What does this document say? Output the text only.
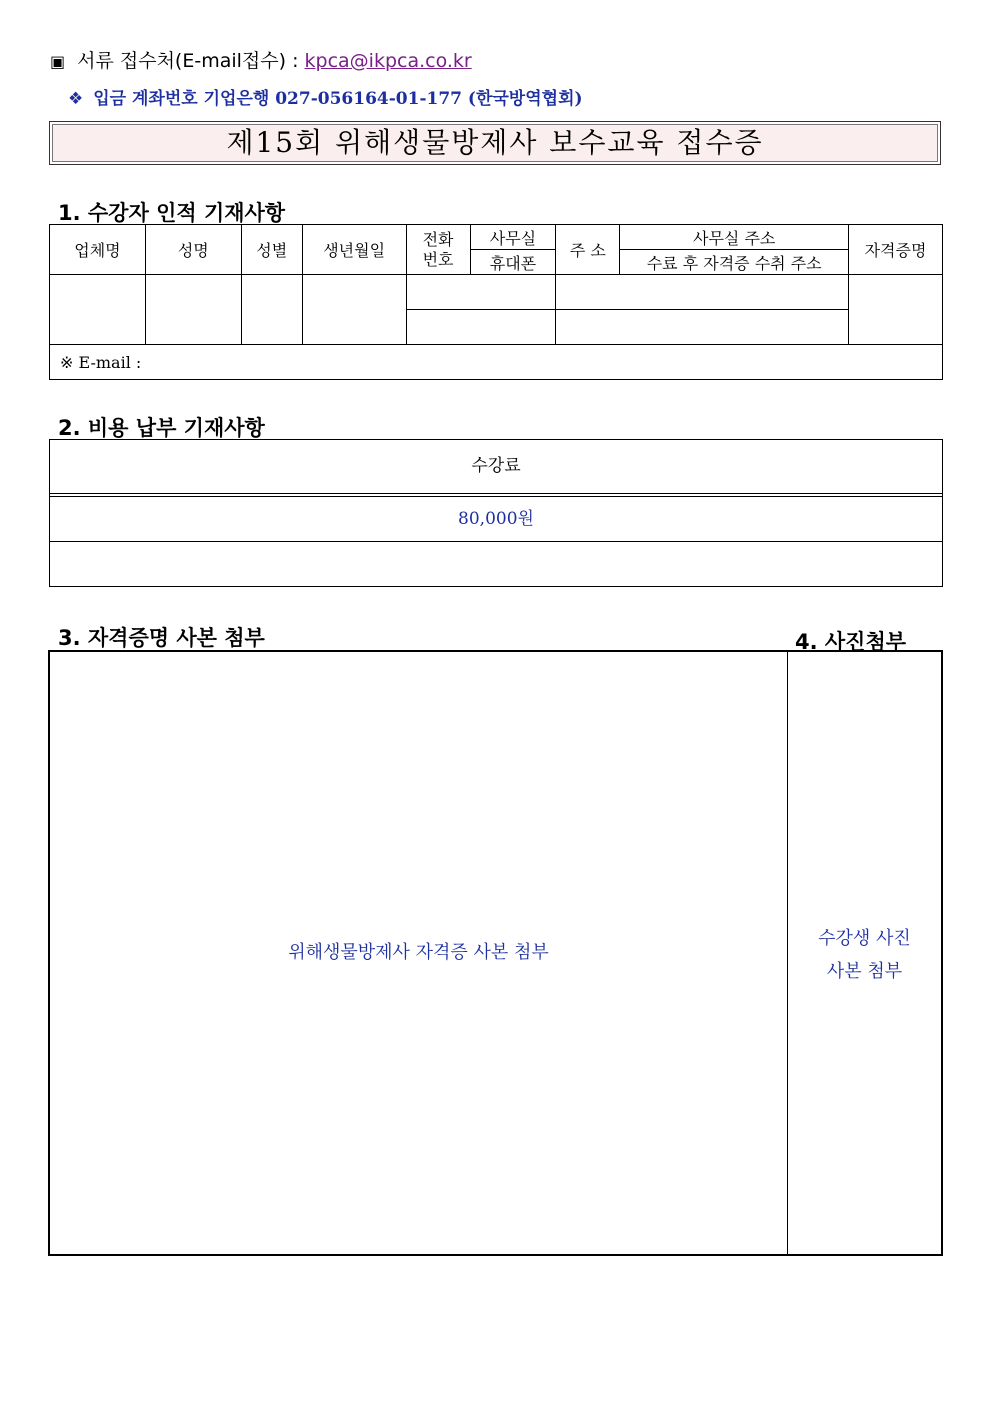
▣ 서류 접수처(E-mail접수) : kpca@ikpca.co.kr
❖ 입금 계좌번호 기업은행 027-056164-01-177 (한국방역협회)
제15회 위해생물방제사 보수교육 접수증
1. 수강자 인적 기재사항
업체명	성명	성별	생년월일	전화 번호	사무실	주 소	사무실 주소	자격증명
					휴대폰		수료 후 자격증 수취 주소	

※ E-mail :								
2. 비용 납부 기재사항
수강료
80,000원
3. 자격증명 사본 첨부	4. 사진첨부
위해생물방제사 자격증 사본 첨부
수강생 사진
사본 첨부
